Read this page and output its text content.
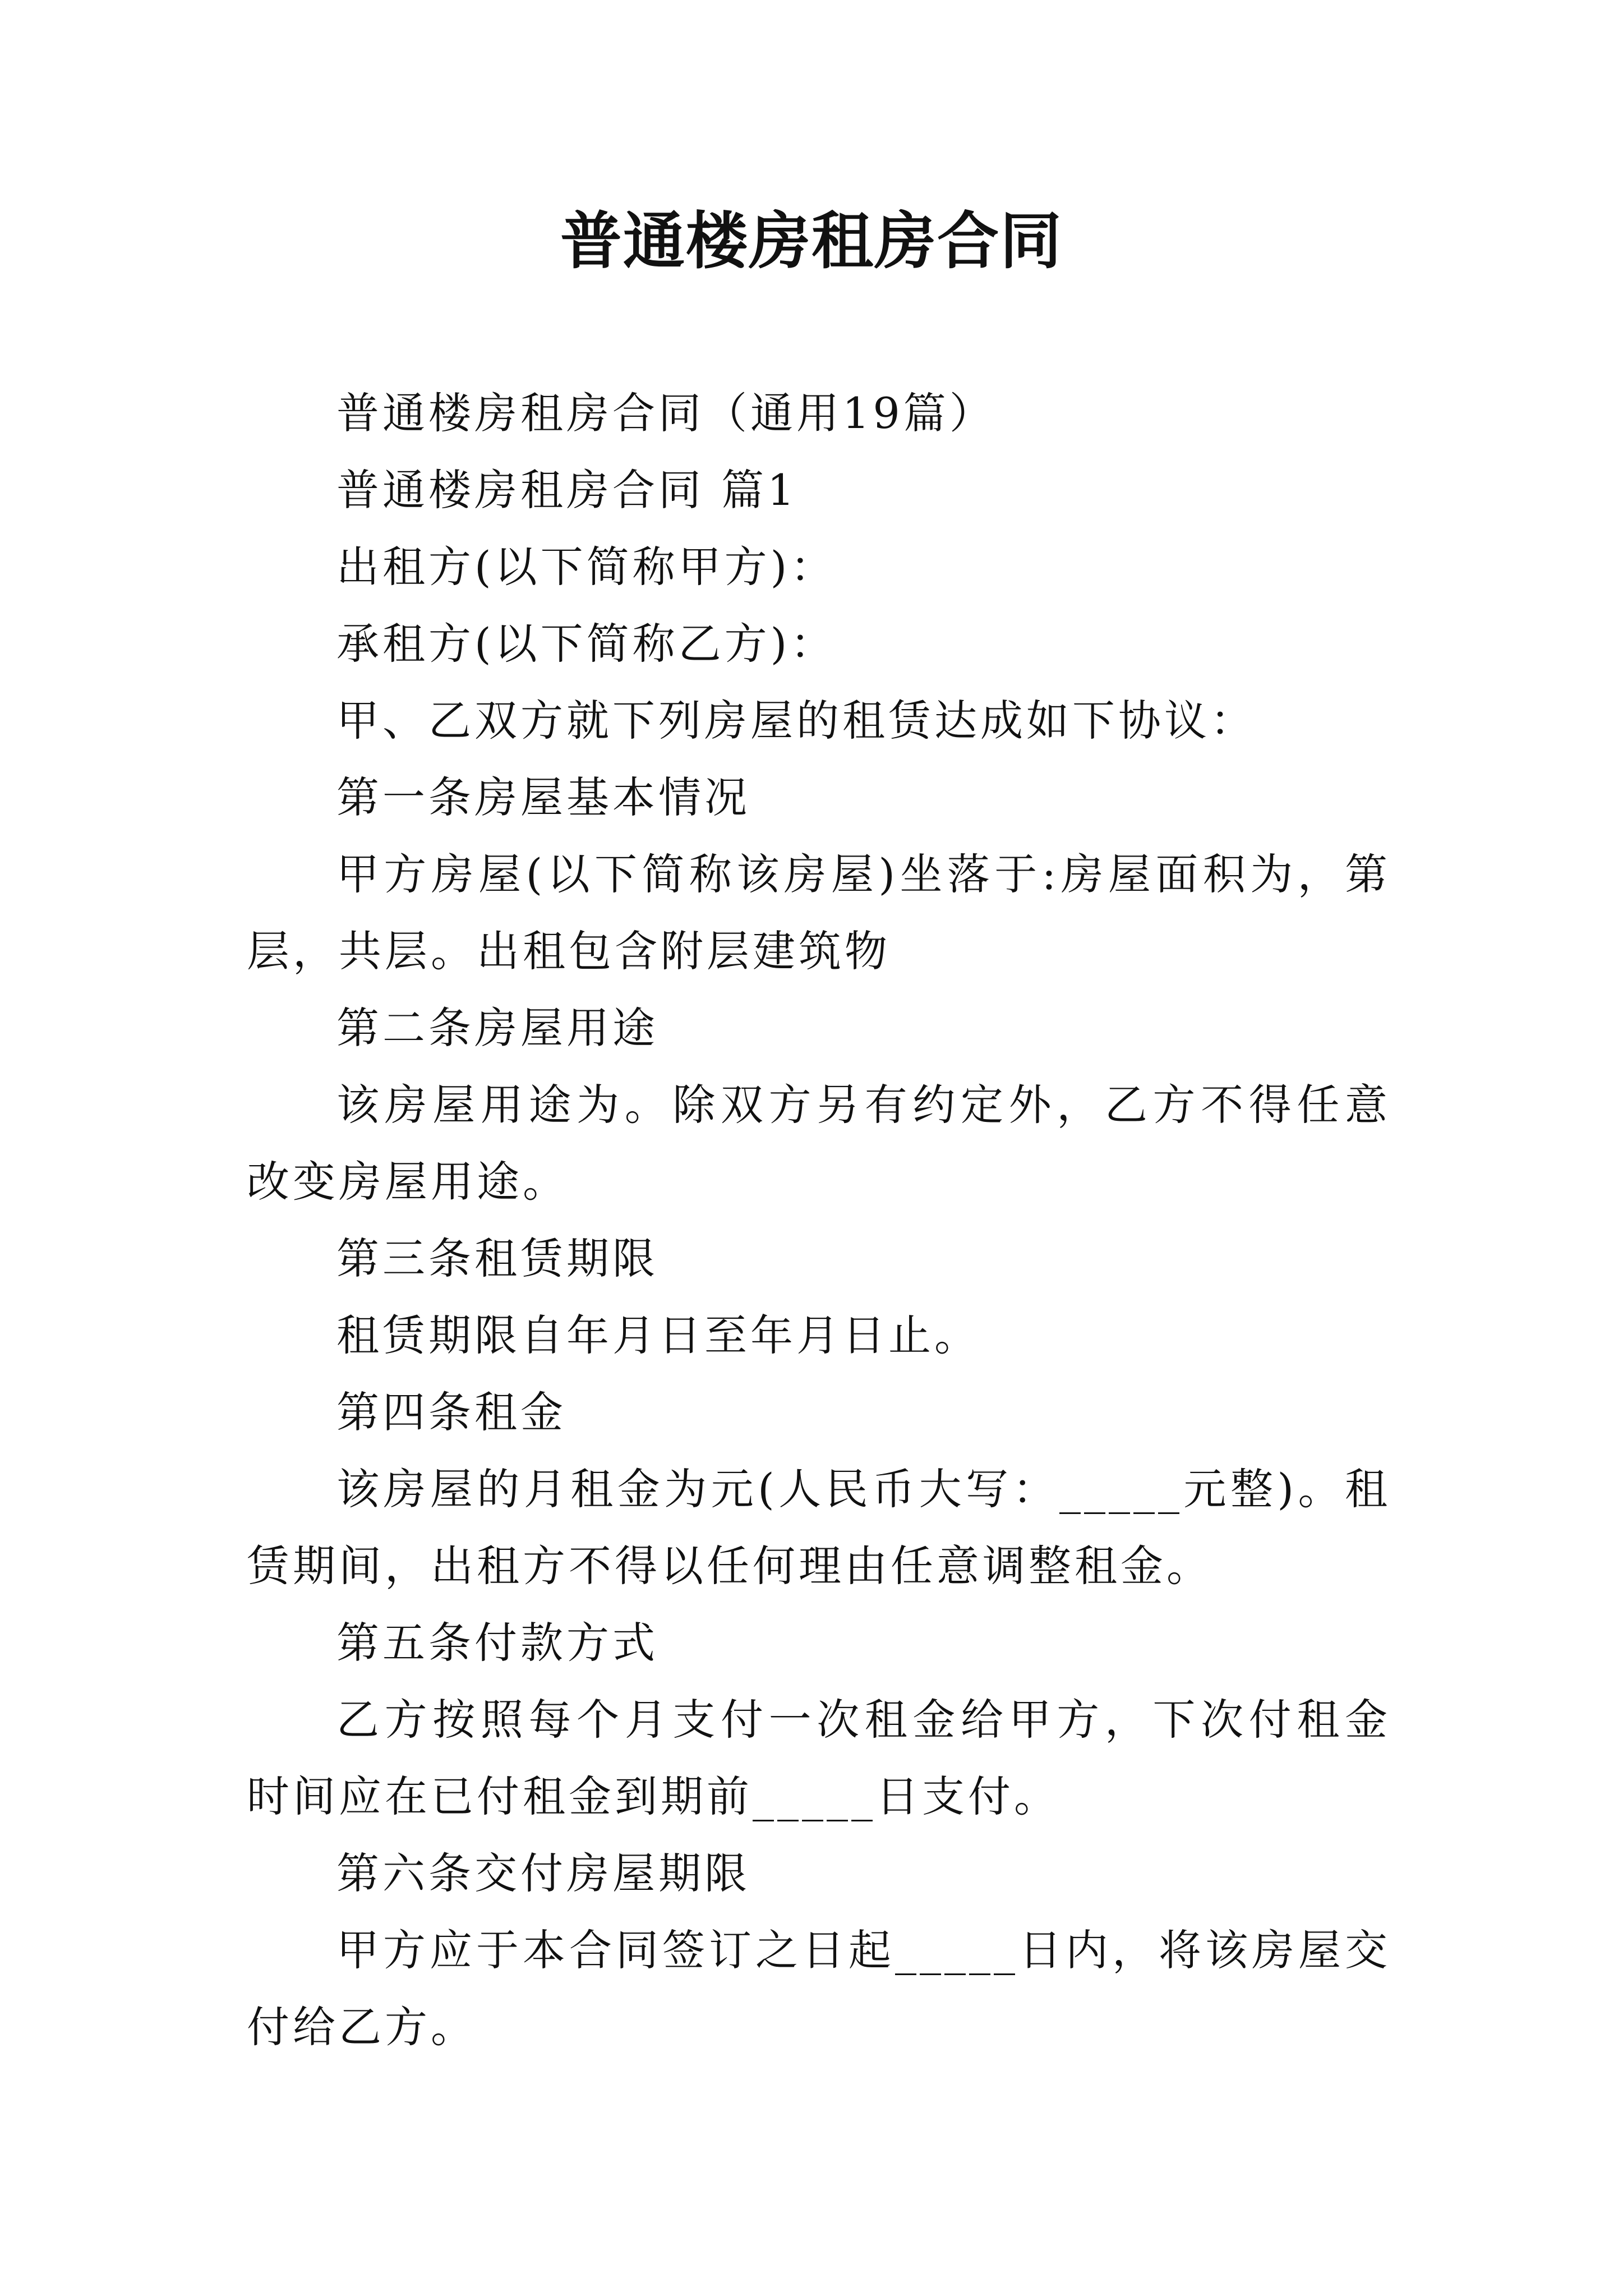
普通楼房租房合同

普通楼房租房合同（通用19篇）

普通楼房租房合同 篇1

出租方(以下简称甲方)：

承租方(以下简称乙方)：

甲、乙双方就下列房屋的租赁达成如下协议：

第一条房屋基本情况

甲方房屋(以下简称该房屋)坐落于:房屋面积为，第层，共层。出租包含附层建筑物

第二条房屋用途

该房屋用途为。除双方另有约定外，乙方不得任意改变房屋用途。

第三条租赁期限

租赁期限自年月日至年月日止。

第四条租金

该房屋的月租金为元(人民币大写：_____元整)。租赁期间，出租方不得以任何理由任意调整租金。

第五条付款方式

乙方按照每个月支付一次租金给甲方，下次付租金时间应在已付租金到期前_____日支付。

第六条交付房屋期限

甲方应于本合同签订之日起_____日内，将该房屋交付给乙方。
